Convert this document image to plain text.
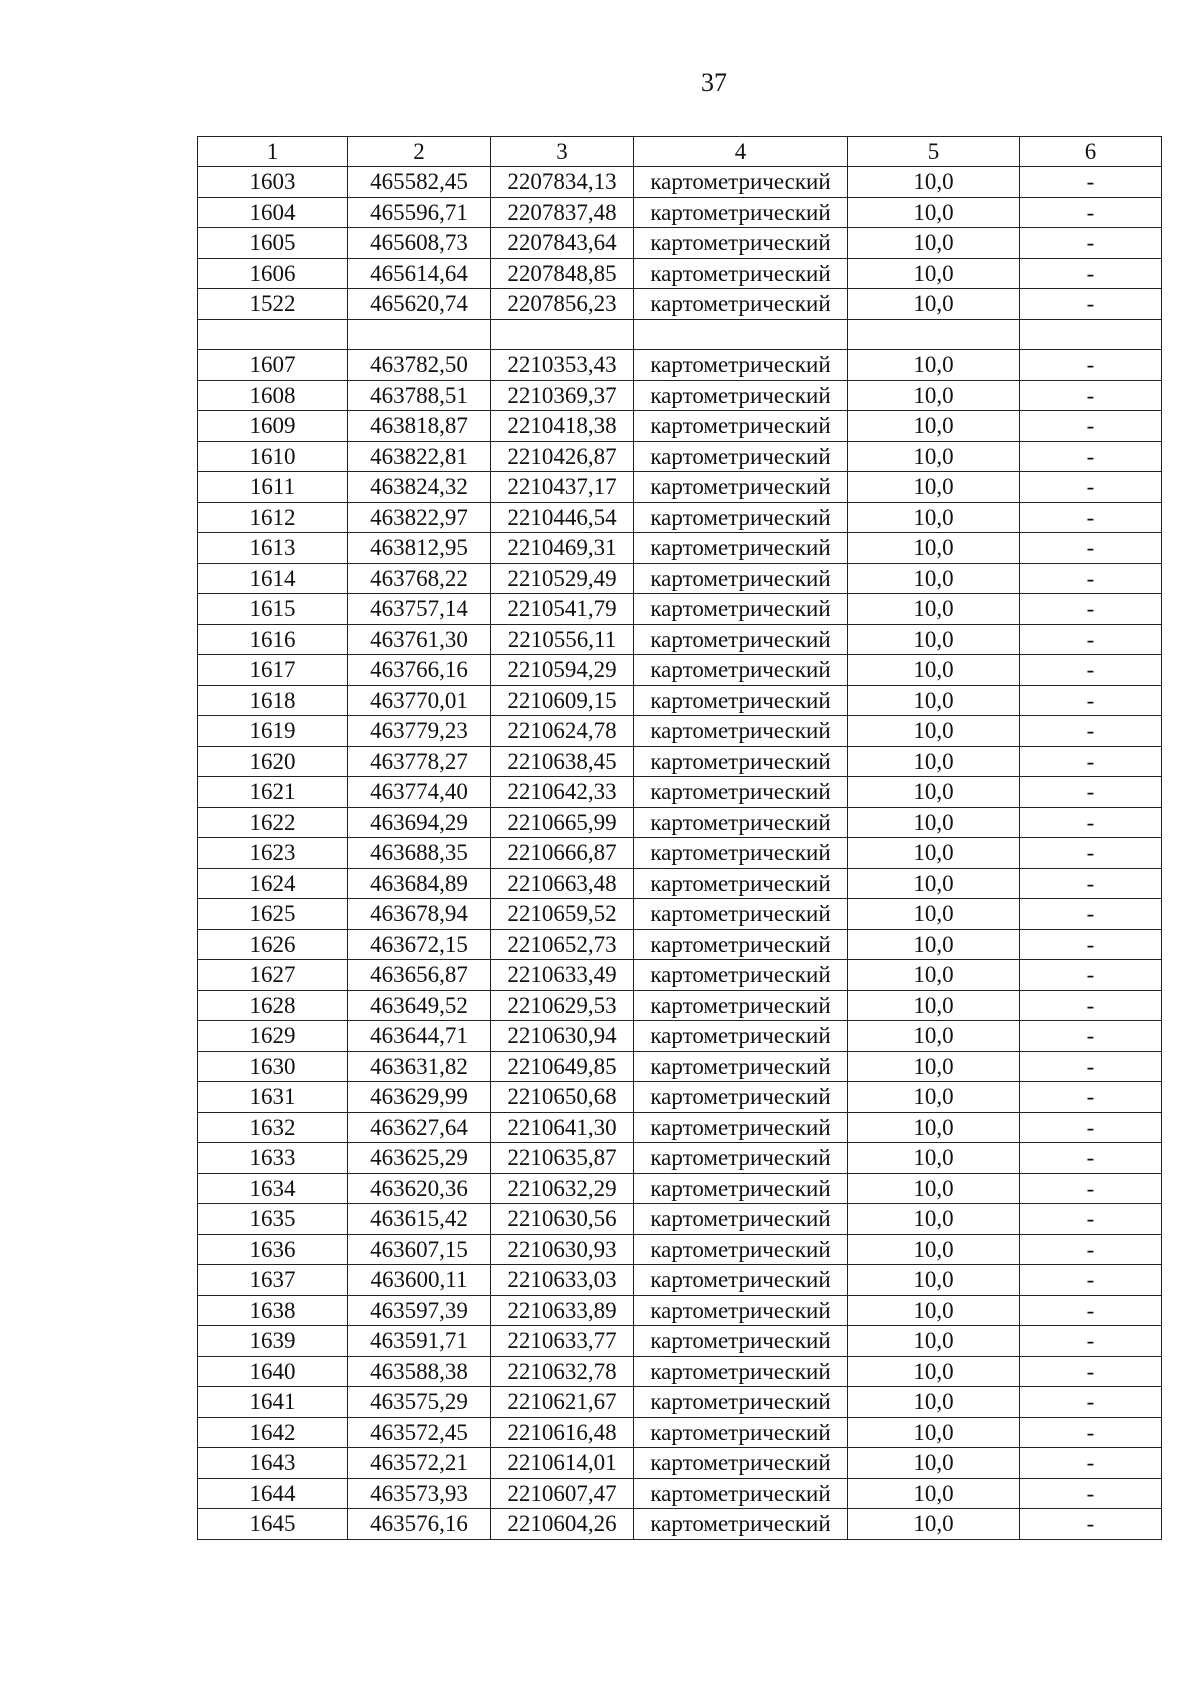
37
1	2	3	4	5	6
1603	465582,45	2207834,13	картометрический	10,0	-
1604	465596,71	2207837,48	картометрический	10,0	-
1605	465608,73	2207843,64	картометрический	10,0	-
1606	465614,64	2207848,85	картометрический	10,0	-
1522	465620,74	2207856,23	картометрический	10,0	-

1607	463782,50	2210353,43	картометрический	10,0	-
1608	463788,51	2210369,37	картометрический	10,0	-
1609	463818,87	2210418,38	картометрический	10,0	-
1610	463822,81	2210426,87	картометрический	10,0	-
1611	463824,32	2210437,17	картометрический	10,0	-
1612	463822,97	2210446,54	картометрический	10,0	-
1613	463812,95	2210469,31	картометрический	10,0	-
1614	463768,22	2210529,49	картометрический	10,0	-
1615	463757,14	2210541,79	картометрический	10,0	-
1616	463761,30	2210556,11	картометрический	10,0	-
1617	463766,16	2210594,29	картометрический	10,0	-
1618	463770,01	2210609,15	картометрический	10,0	-
1619	463779,23	2210624,78	картометрический	10,0	-
1620	463778,27	2210638,45	картометрический	10,0	-
1621	463774,40	2210642,33	картометрический	10,0	-
1622	463694,29	2210665,99	картометрический	10,0	-
1623	463688,35	2210666,87	картометрический	10,0	-
1624	463684,89	2210663,48	картометрический	10,0	-
1625	463678,94	2210659,52	картометрический	10,0	-
1626	463672,15	2210652,73	картометрический	10,0	-
1627	463656,87	2210633,49	картометрический	10,0	-
1628	463649,52	2210629,53	картометрический	10,0	-
1629	463644,71	2210630,94	картометрический	10,0	-
1630	463631,82	2210649,85	картометрический	10,0	-
1631	463629,99	2210650,68	картометрический	10,0	-
1632	463627,64	2210641,30	картометрический	10,0	-
1633	463625,29	2210635,87	картометрический	10,0	-
1634	463620,36	2210632,29	картометрический	10,0	-
1635	463615,42	2210630,56	картометрический	10,0	-
1636	463607,15	2210630,93	картометрический	10,0	-
1637	463600,11	2210633,03	картометрический	10,0	-
1638	463597,39	2210633,89	картометрический	10,0	-
1639	463591,71	2210633,77	картометрический	10,0	-
1640	463588,38	2210632,78	картометрический	10,0	-
1641	463575,29	2210621,67	картометрический	10,0	-
1642	463572,45	2210616,48	картометрический	10,0	-
1643	463572,21	2210614,01	картометрический	10,0	-
1644	463573,93	2210607,47	картометрический	10,0	-
1645	463576,16	2210604,26	картометрический	10,0	-
